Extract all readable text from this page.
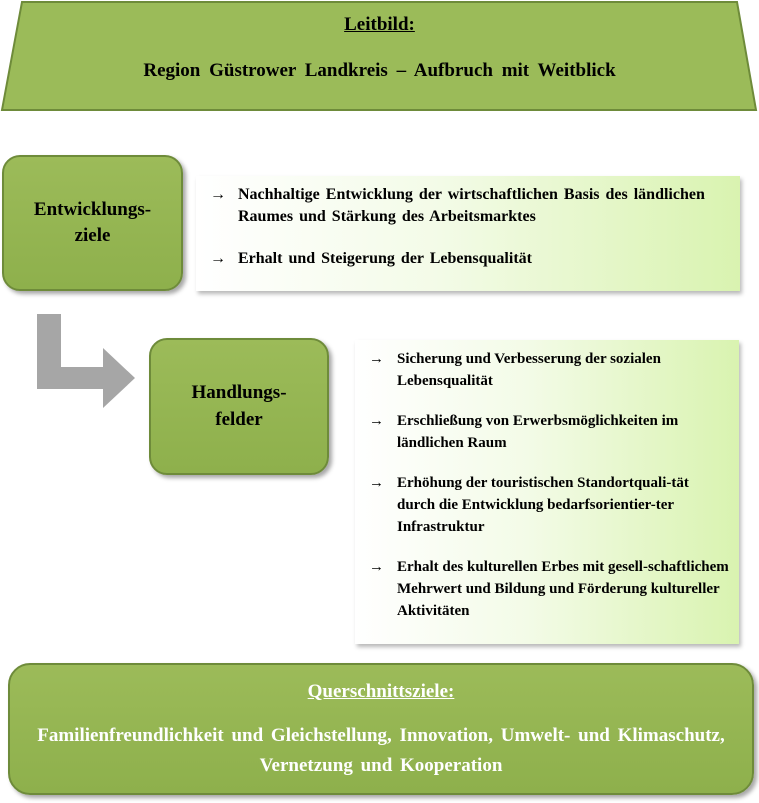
Leitbild:
Region Güstrower Landkreis – Aufbruch mit Weitblick
Entwicklungs-
ziele
→ Nachhaltige Entwicklung der wirtschaftlichen Basis des ländlichen Raumes und Stärkung des Arbeitsmarktes
→ Erhalt und Steigerung der Lebensqualität
Handlungs-
felder
→ Sicherung und Verbesserung der sozialen Lebensqualität
→ Erschließung von Erwerbsmöglichkeiten im ländlichen Raum
→ Erhöhung der touristischen Standortquali-tät durch die Entwicklung bedarfsorientier-ter Infrastruktur
→ Erhalt des kulturellen Erbes mit gesell-schaftlichem Mehrwert und Bildung und Förderung kultureller Aktivitäten
Querschnittsziele:
Familienfreundlichkeit und Gleichstellung, Innovation, Umwelt- und Klimaschutz, Vernetzung und Kooperation
